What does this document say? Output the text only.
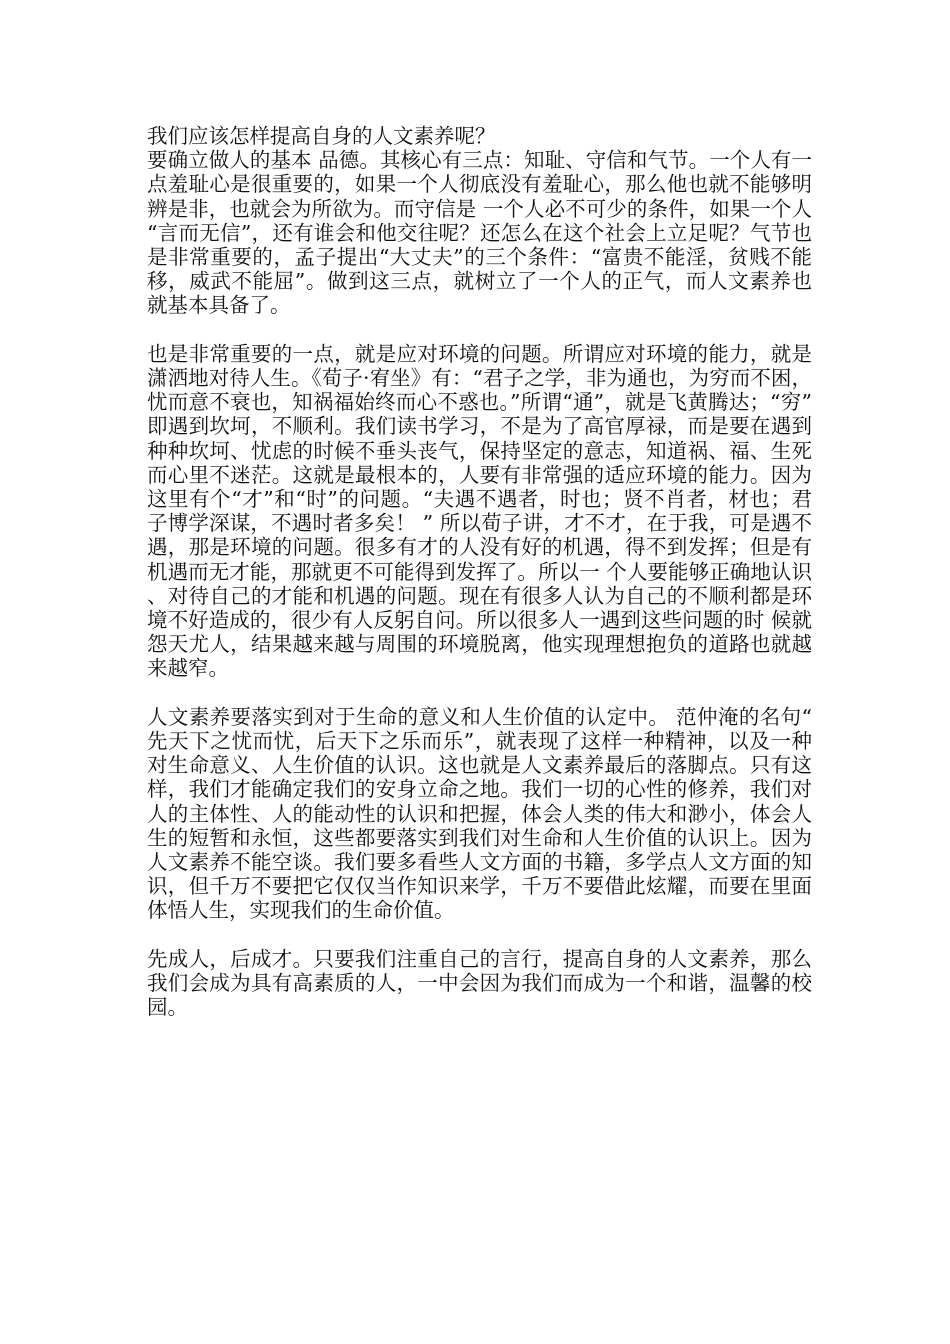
我们应该怎样提高自身的人文素养呢？

要确立做人的基本 品德。其核心有三点：知耻、守信和气节。一个人有一点羞耻心是很重要的，如果一个人彻底没有羞耻心，那么他也就不能够明辨是非，也就会为所欲为。而守信是 一个人必不可少的条件，如果一个人“言而无信”，还有谁会和他交往呢？还怎么在这个社会上立足呢？气节也是非常重要的，孟子提出“大丈夫”的三个条件：“富贵不能淫，贫贱不能移，威武不能屈”。做到这三点，就树立了一个人的正气，而人文素养也就基本具备了。

也是非常重要的一点，就是应对环境的问题。所谓应对环境的能力，就是潇洒地对待人生。《荀子·宥坐》有：“君子之学，非为通也，为穷而不困，忧而意不衰也，知祸福始终而心不惑也。”所谓“通”，就是飞黄腾达；“穷”即遇到坎坷，不顺利。我们读书学习，不是为了高官厚禄，而是要在遇到种种坎坷、忧虑的时候不垂头丧气，保持坚定的意志，知道祸、福、生死而心里不迷茫。这就是最根本的，人要有非常强的适应环境的能力。因为这里有个“才”和“时”的问题。“夫遇不遇者，时也；贤不肖者，材也；君子博学深谋，不遇时者多矣！ ” 所以荀子讲，才不才，在于我，可是遇不遇，那是环境的问题。很多有才的人没有好的机遇，得不到发挥；但是有机遇而无才能，那就更不可能得到发挥了。所以一 个人要能够正确地认识、对待自己的才能和机遇的问题。现在有很多人认为自己的不顺利都是环境不好造成的，很少有人反躬自问。所以很多人一遇到这些问题的时 候就怨天尤人，结果越来越与周围的环境脱离，他实现理想抱负的道路也就越来越窄。

人文素养要落实到对于生命的意义和人生价值的认定中。 范仲淹的名句“先天下之忧而忧，后天下之乐而乐”，就表现了这样一种精神，以及一种对生命意义、人生价值的认识。这也就是人文素养最后的落脚点。只有这 样，我们才能确定我们的安身立命之地。我们一切的心性的修养，我们对人的主体性、人的能动性的认识和把握，体会人类的伟大和渺小，体会人生的短暂和永恒，这些都要落实到我们对生命和人生价值的认识上。因为人文素养不能空谈。我们要多看些人文方面的书籍，多学点人文方面的知识，但千万不要把它仅仅当作知识来学，千万不要借此炫耀，而要在里面体悟人生，实现我们的生命价值。

先成人，后成才。只要我们注重自己的言行，提高自身的人文素养，那么我们会成为具有高素质的人，一中会因为我们而成为一个和谐，温馨的校园。
